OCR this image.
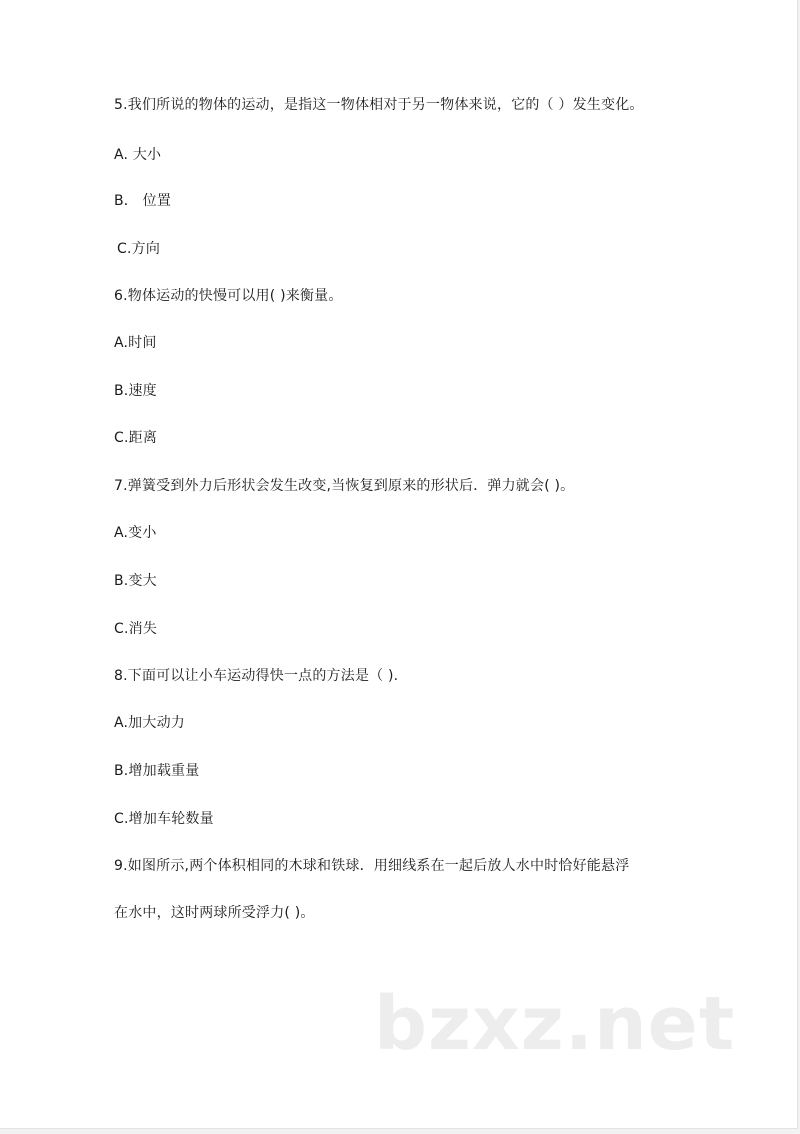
5.我们所说的物体的运动，是指这一物体相对于另一物体来说，它的（ ）发生变化。
A. 大小
B． 位置
C.方向
6.物体运动的快慢可以用( )来衡量。
A.时间
B.速度
C.距离
7.弹簧受到外力后形状会发生改变,当恢复到原来的形状后．弹力就会( )。
A.变小
B.变大
C.消失
8.下面可以让小车运动得快一点的方法是（ ).
A.加大动力
B.增加载重量
C.增加车轮数量
9.如图所示,两个体积相同的木球和铁球．用细线系在一起后放人水中时恰好能悬浮
在水中，这时两球所受浮力( )。
bzxz.net
